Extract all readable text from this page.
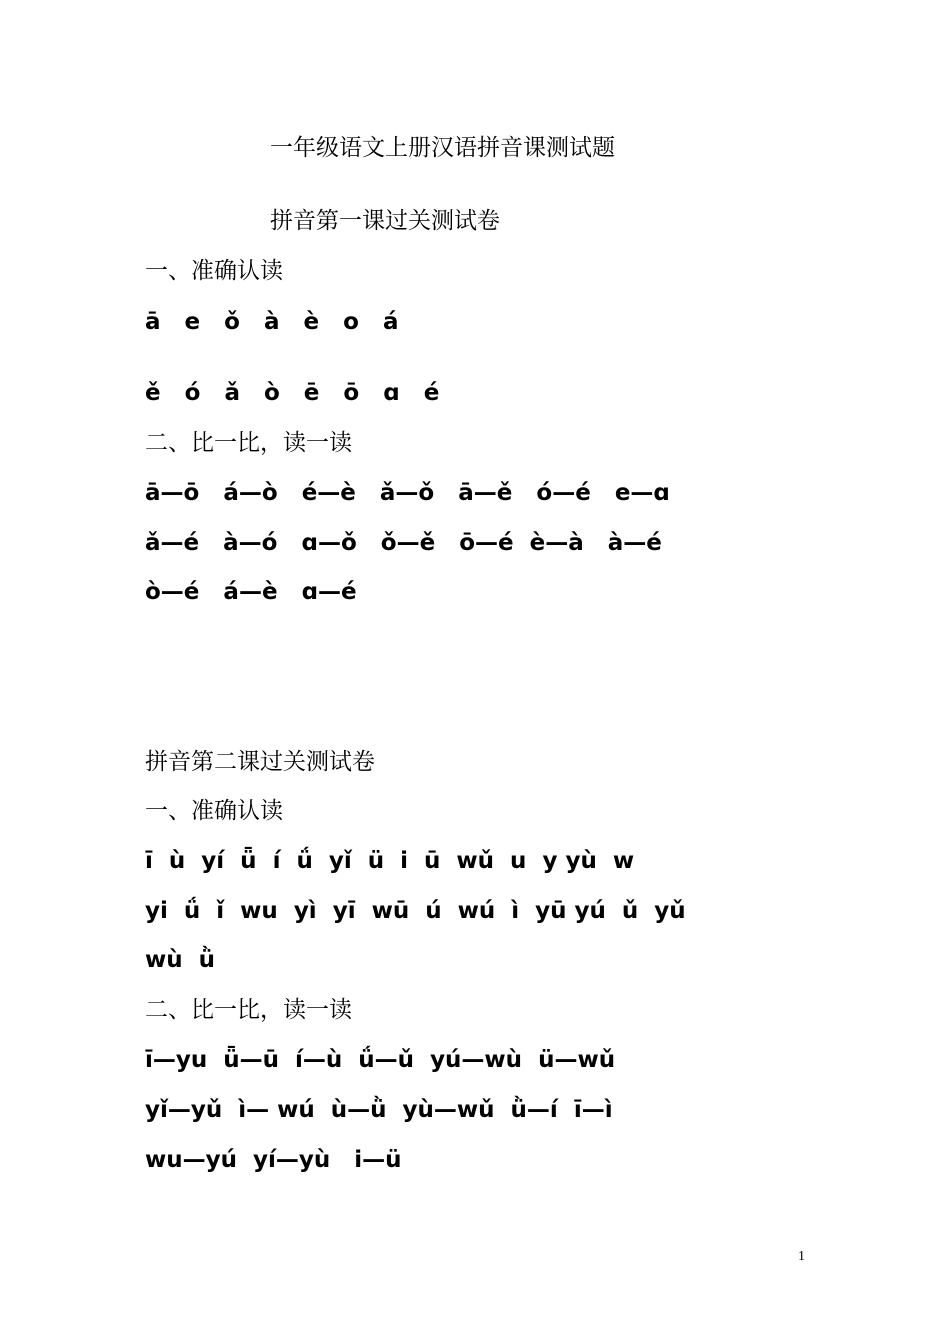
一年级语文上册汉语拼音课测试题
拼音第一课过关测试卷
一、准确认读
ā   e   ǒ   à   è   o   á
ě   ó   ǎ   ò   ē   ō   ɑ   é
二、比一比，读一读
ā—ō   á—ò   é—è   ǎ—ǒ   ā—ě   ó—é   e—ɑ
ǎ—é   à—ó   ɑ—ǒ   ǒ—ě   ō—é  è—à   à—é
ò—é   á—è   ɑ—é
拼音第二课过关测试卷
一、准确认读
ī  ù  yí  ǖ  í  ǘ  yǐ  ü  i  ū  wǔ  u  y yù  w
yi  ǘ  ǐ  wu  yì  yī  wū  ú  wú  ì  yū yú  ǔ  yǔ
wù  ǜ
二、比一比，读一读
ī—yu  ǖ—ū  í—ù  ǘ—ǔ  yú—wù  ü—wǔ
yǐ—yǔ  ì— wú  ù—ǜ  yù—wǔ  ǜ—í  ī—ì
wu—yú  yí—yù   i—ü
1
